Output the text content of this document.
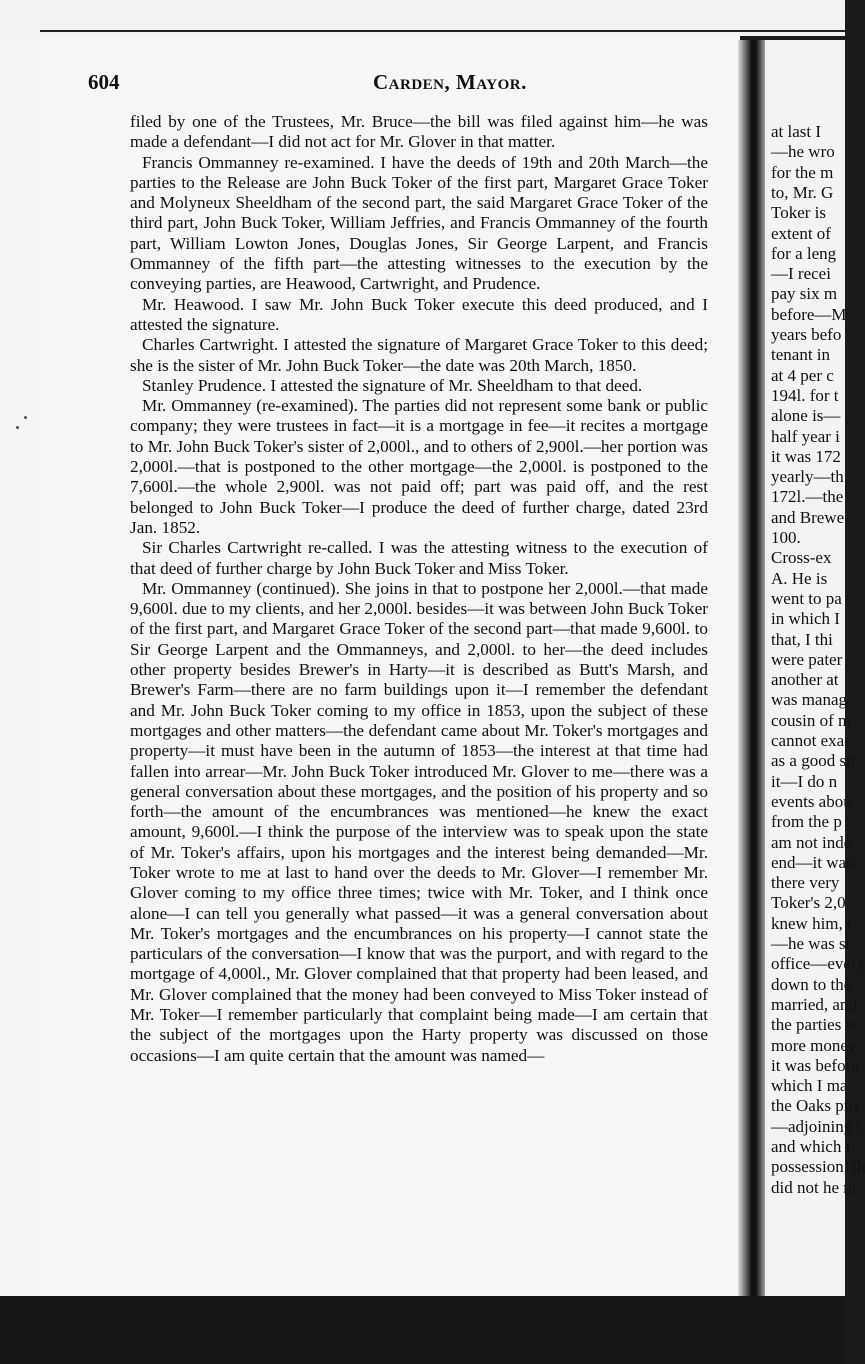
604	Carden, Mayor.

filed by one of the Trustees, Mr. Bruce—the bill was filed against him—he was made a defendant—I did not act for Mr. Glover in that matter.

Francis Ommanney re-examined. I have the deeds of 19th and 20th March—the parties to the Release are John Buck Toker of the first part, Margaret Grace Toker and Molyneux Sheeldham of the second part, the said Margaret Grace Toker of the third part, John Buck Toker, William Jeffries, and Francis Ommanney of the fourth part, William Lowton Jones, Douglas Jones, Sir George Larpent, and Francis Ommanney of the fifth part—the attesting witnesses to the execution by the conveying parties, are Heawood, Cartwright, and Prudence.

Mr. Heawood. I saw Mr. John Buck Toker execute this deed produced, and I attested the signature.

Charles Cartwright. I attested the signature of Margaret Grace Toker to this deed; she is the sister of Mr. John Buck Toker—the date was 20th March, 1850.

Stanley Prudence. I attested the signature of Mr. Sheeldham to that deed.

Mr. Ommanney (re-examined). The parties did not represent some bank or public company; they were trustees in fact—it is a mortgage in fee—it recites a mortgage to Mr. John Buck Toker's sister of 2,000l., and to others of 2,900l.—her portion was 2,000l.—that is postponed to the other mortgage—the 2,000l. is postponed to the 7,600l.—the whole 2,900l. was not paid off; part was paid off, and the rest belonged to John Buck Toker—I produce the deed of further charge, dated 23rd Jan. 1852.

Sir Charles Cartwright re-called. I was the attesting witness to the execution of that deed of further charge by John Buck Toker and Miss Toker.

Mr. Ommanney (continued). She joins in that to postpone her 2,000l.—that made 9,600l. due to my clients, and her 2,000l. besides—it was between John Buck Toker of the first part, and Margaret Grace Toker of the second part—that made 9,600l. to Sir George Larpent and the Ommanneys, and 2,000l. to her—the deed includes other property besides Brewer's in Harty—it is described as Butt's Marsh, and Brewer's Farm—there are no farm buildings upon it—I remember the defendant and Mr. John Buck Toker coming to my office in 1853, upon the subject of these mortgages and other matters—the defendant came about Mr. Toker's mortgages and property—it must have been in the autumn of 1853—the interest at that time had fallen into arrear—Mr. John Buck Toker introduced Mr. Glover to me—there was a general conversation about these mortgages, and the position of his property and so forth—the amount of the encumbrances was mentioned—he knew the exact amount, 9,600l.—I think the purpose of the interview was to speak upon the state of Mr. Toker's affairs, upon his mortgages and the interest being demanded—Mr. Toker wrote to me at last to hand over the deeds to Mr. Glover—I remember Mr. Glover coming to my office three times; twice with Mr. Toker, and I think once alone—I can tell you generally what passed—it was a general conversation about Mr. Toker's mortgages and the encumbrances on his property—I cannot state the particulars of the conversation—I know that was the purport, and with regard to the mortgage of 4,000l., Mr. Glover complained that that property had been leased, and Mr. Glover complained that the money had been conveyed to Miss Toker instead of Mr. Toker—I remember particularly that complaint being made—I am certain that the subject of the mortgages upon the Harty property was discussed on those occasions—I am quite certain that the amount was named—

at last I
—he wro
for the m
to, Mr. G
Toker is
extent of
for a leng
—I recei
pay six m
before—M
years befo
tenant in
at 4 per c
194l. for t
alone is—
half year i
it was 172
yearly—th
172l.—the
and Brewe
100.
Cross-ex
A. He is
went to pa
in which I
that, I thi
were pater
another at
was manag
cousin of m
cannot exac
as a good sp
it—I do n
events abou
from the p
am not inde
end—it was
there very
Toker's 2,0
knew him, i
—he was st
office—every
down to the
married, and
the parties w
more money
it was before
which I ma
the Oaks pro
—adjoining t
and which i
possession, th
did not he m
